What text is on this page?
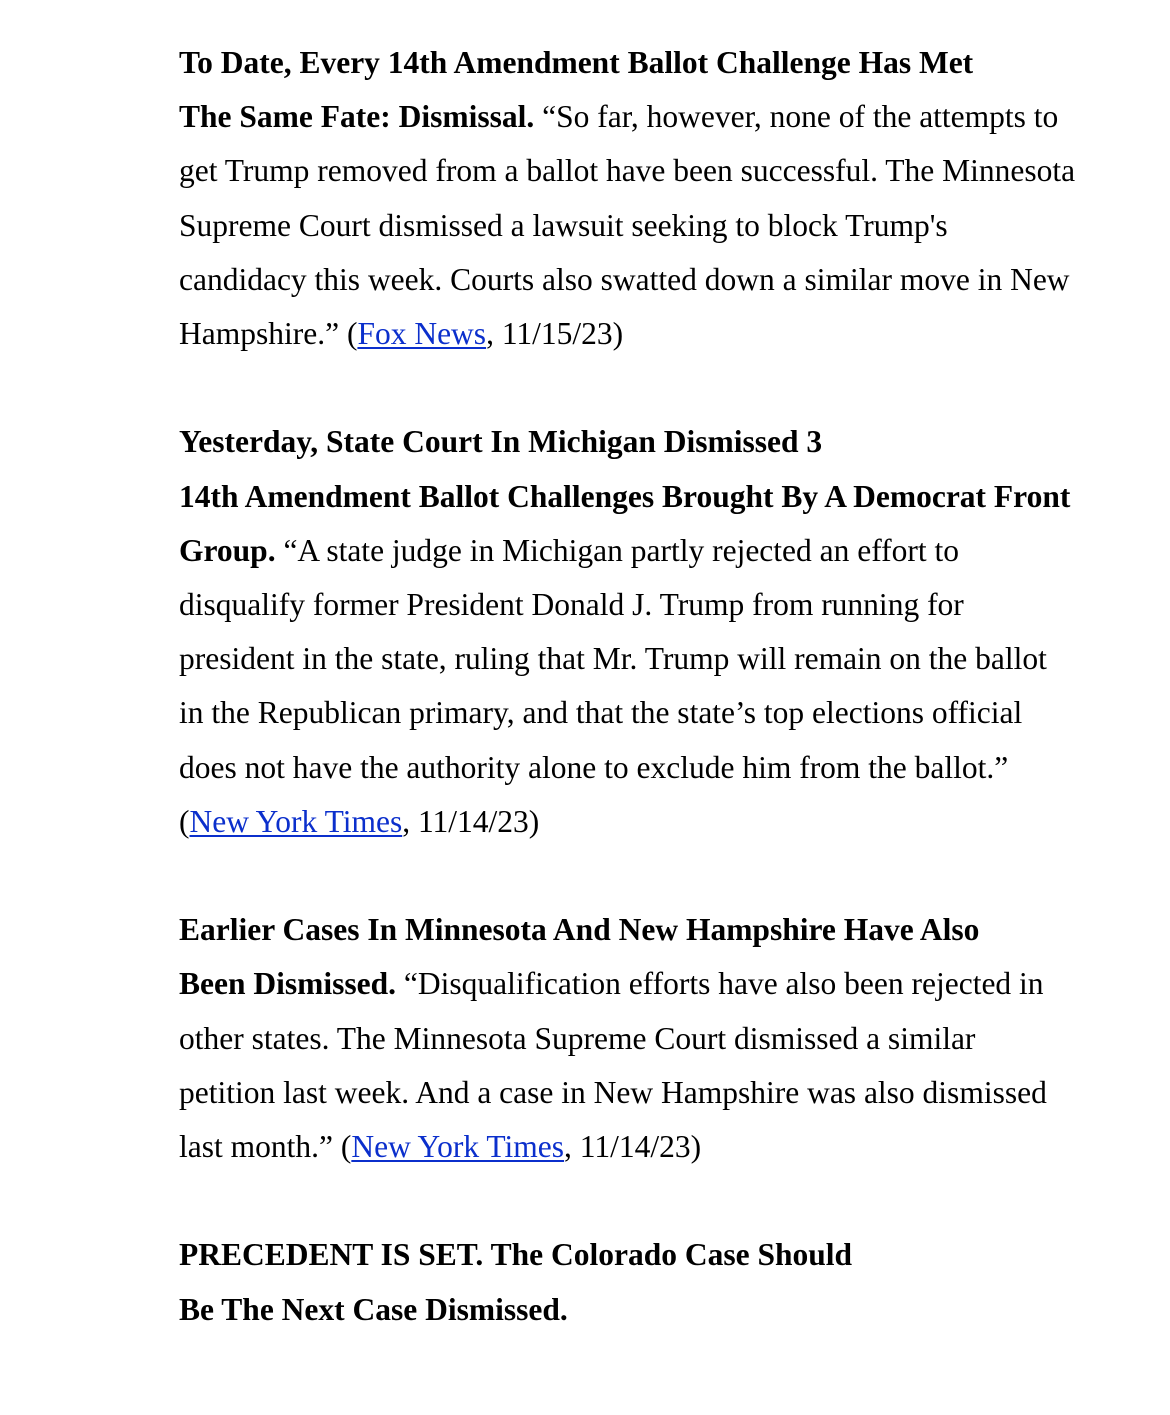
To Date, Every 14th Amendment Ballot Challenge Has Met
The Same Fate: Dismissal. “So far, however, none of the attempts to get Trump removed from a ballot have been successful. The Minnesota Supreme Court dismissed a lawsuit seeking to block Trump's candidacy this week. Courts also swatted down a similar move in New Hampshire.” (Fox News, 11/15/23)

Yesterday, State Court In Michigan Dismissed 3
14th Amendment Ballot Challenges Brought By A Democrat Front Group. “A state judge in Michigan partly rejected an effort to disqualify former President Donald J. Trump from running for president in the state, ruling that Mr. Trump will remain on the ballot in the Republican primary, and that the state’s top elections official does not have the authority alone to exclude him from the ballot.” (New York Times, 11/14/23)

Earlier Cases In Minnesota And New Hampshire Have Also
Been Dismissed. “Disqualification efforts have also been rejected in other states. The Minnesota Supreme Court dismissed a similar petition last week. And a case in New Hampshire was also dismissed last month.” (New York Times, 11/14/23)

PRECEDENT IS SET. The Colorado Case Should
Be The Next Case Dismissed.
